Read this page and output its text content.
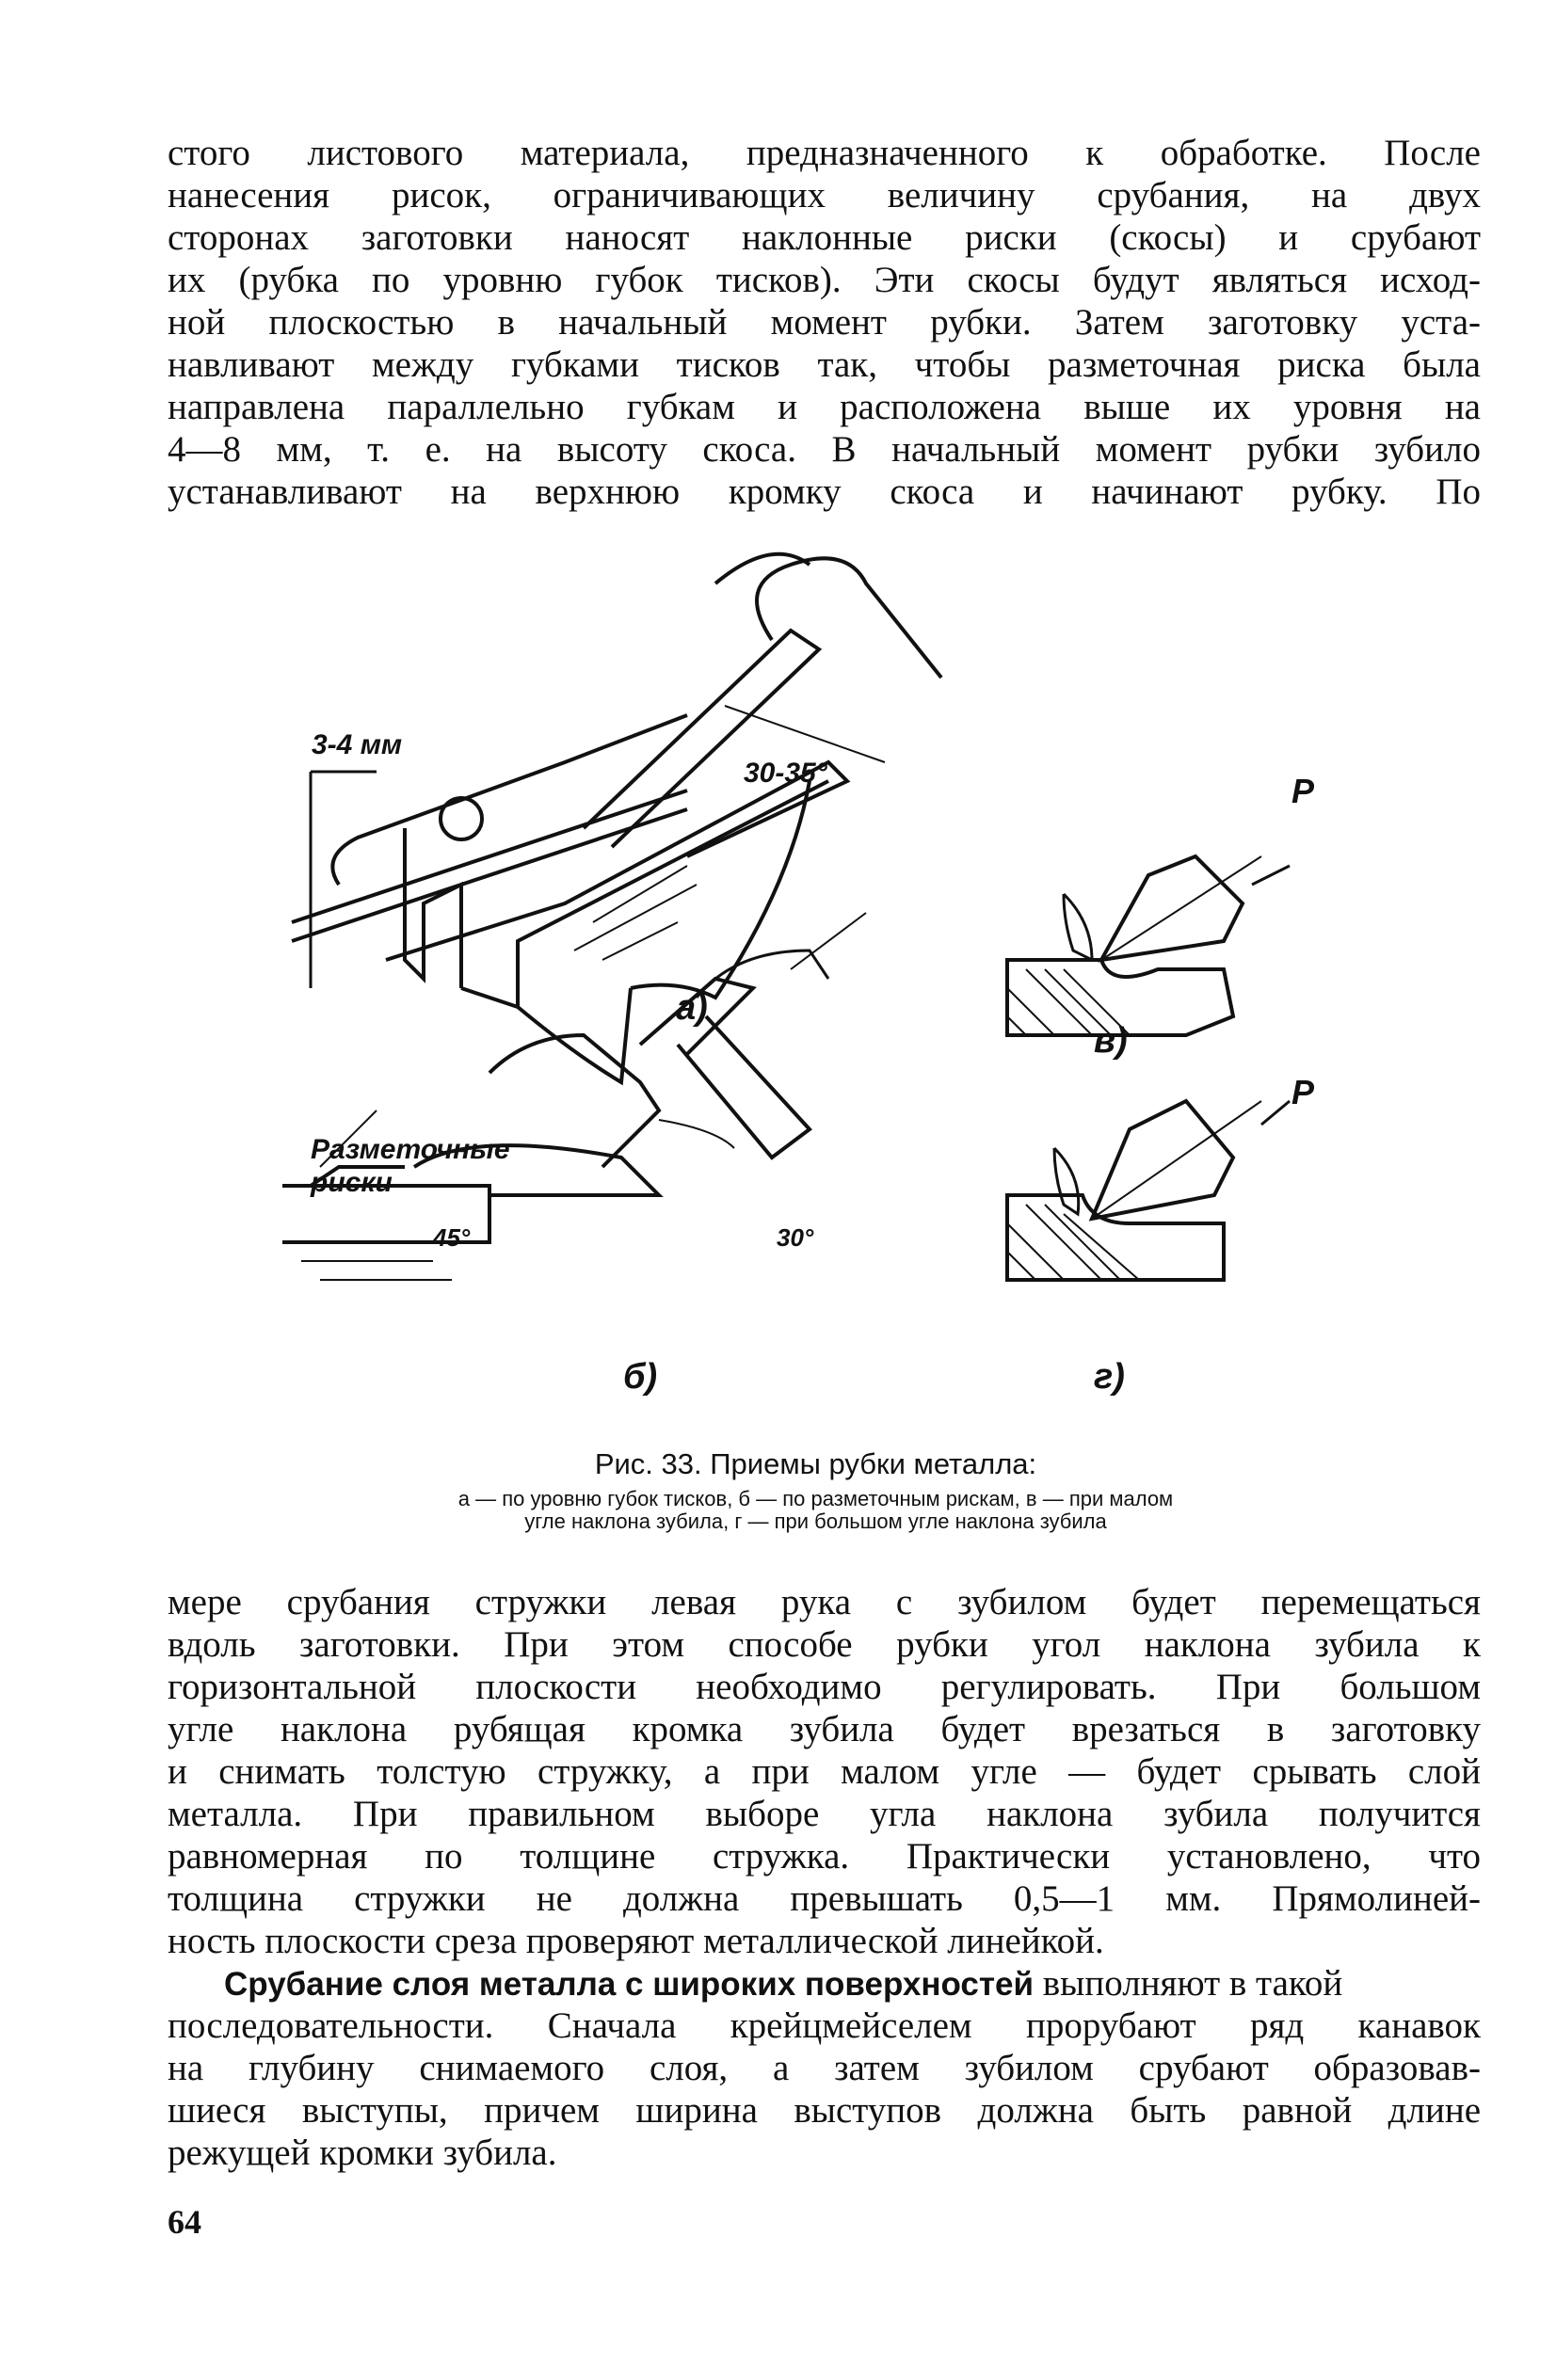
стого листового материала, предназначенного к обработке. После
нанесения рисок, ограничивающих величину срубания, на двух
сторонах заготовки наносят наклонные риски (скосы) и срубают
их (рубка по уровню губок тисков). Эти скосы будут являться исход-
ной плоскостью в начальный момент рубки. Затем заготовку уста-
навливают между губками тисков так, чтобы разметочная риска была
направлена параллельно губкам и расположена выше их уровня на
4—8 мм, т. е. на высоту скоса. В начальный момент рубки зубило
устанавливают на верхнюю кромку скоса и начинают рубку. По
3-4 мм
30-35°
а)
Р
в)
Разметочные
риски
45°	30°
б)
Р
г)
Рис. 33. Приемы рубки металла:
а — по уровню губок тисков, б — по разметочным рискам, в — при малом
угле наклона зубила, г — при большом угле наклона зубила
мере срубания стружки левая рука с зубилом будет перемещаться
вдоль заготовки. При этом способе рубки угол наклона зубила к
горизонтальной плоскости необходимо регулировать. При большом
угле наклона рубящая кромка зубила будет врезаться в заготовку
и снимать толстую стружку, а при малом угле — будет срывать слой
металла. При правильном выборе угла наклона зубила получится
равномерная по толщине стружка. Практически установлено, что
толщина стружки не должна превышать 0,5—1 мм. Прямолиней-
ность плоскости среза проверяют металлической линейкой.
Срубание слоя металла с широких поверхностей выполняют в такой
последовательности. Сначала крейцмейселем прорубают ряд канавок
на глубину снимаемого слоя, а затем зубилом срубают образовав-
шиеся выступы, причем ширина выступов должна быть равной длине
режущей кромки зубила.
64
